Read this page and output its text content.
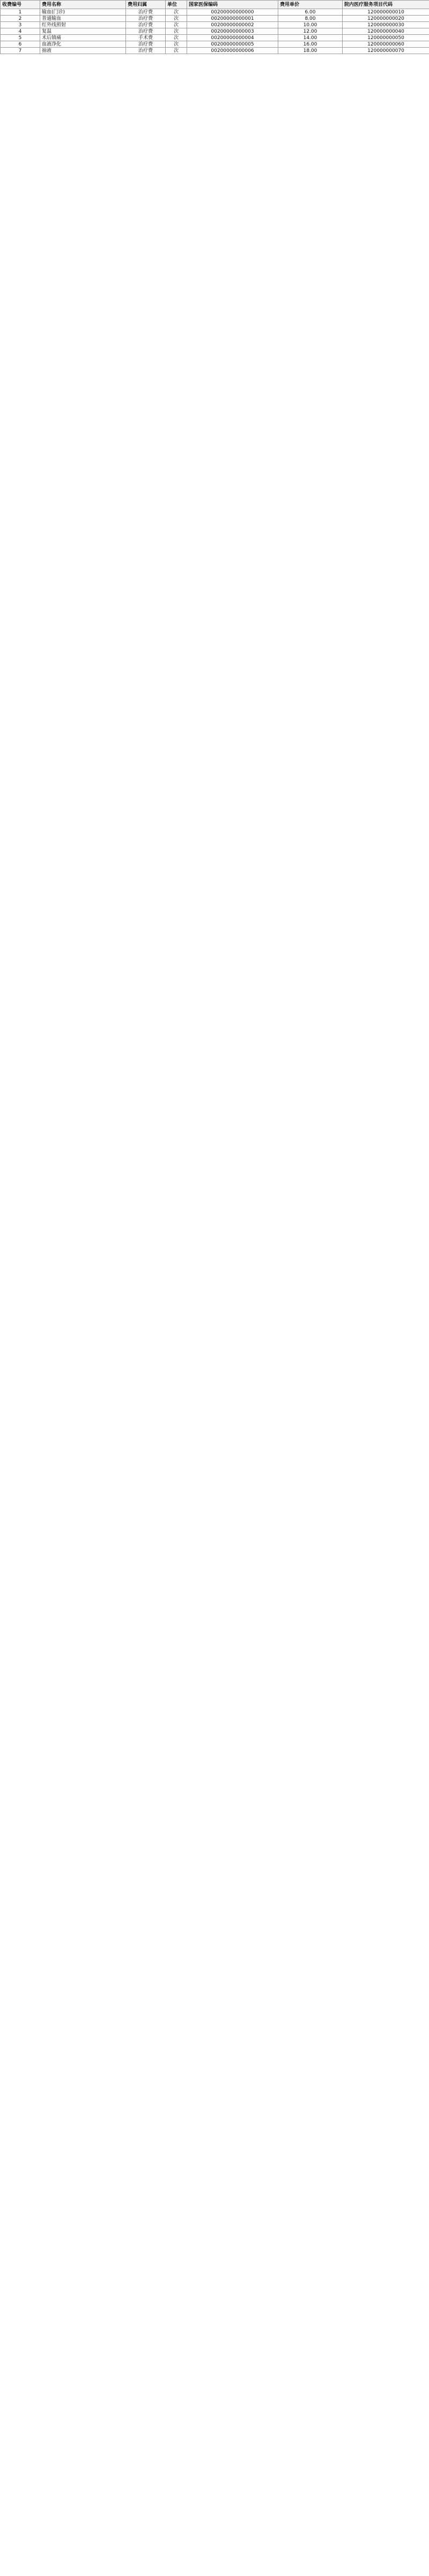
收费编号	费用名称	费用归属	单位	国家医保编码	费用单价	院内医疗服务项目代码
1	输血(门诊)	治疗费	次	00200000000000	6.00	120000000010
2	普通输血	治疗费	次	00200000000001	8.00	120000000020
3	红外线照射	治疗费	次	00200000000002	10.00	120000000030
4	复温	治疗费	次	00200000000003	12.00	120000000040
5	术后镇痛	手术费	次	00200000000004	14.00	120000000050
6	血液净化	治疗费	次	00200000000005	16.00	120000000060
7	抽液	治疗费	次	00200000000006	18.00	120000000070
